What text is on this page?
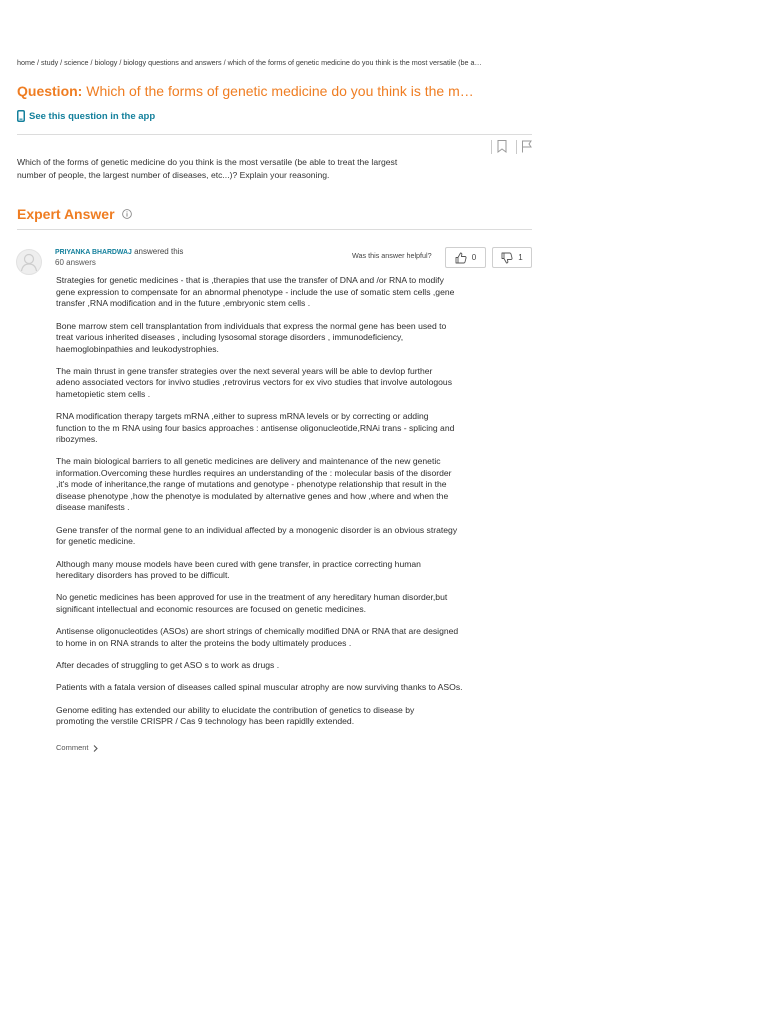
home / study / science / biology / biology questions and answers / which of the forms of genetic medicine do you think is the most versatile (be a…
Question: Which of the forms of genetic medicine do you think is the m…
See this question in the app
Which of the forms of genetic medicine do you think is the most versatile (be able to treat the largest
number of people, the largest number of diseases, etc...)? Explain your reasoning.
Expert Answer
PRIYANKA BHARDWAJ answered this
60 answers
Was this answer helpful?	0	1

Strategies for genetic medicines - that is ,therapies that use the transfer of DNA and /or RNA to modify
gene expression to compensate for an abnormal phenotype - include the use of somatic stem cells ,gene
transfer ,RNA modification and in the future ,embryonic stem cells .

Bone marrow stem cell transplantation from individuals that express the normal gene has been used to
treat various inherited diseases , including lysosomal storage disorders , immunodeficiency,
haemoglobinpathies and leukodystrophies.

The main thrust in gene transfer strategies over the next several years will be able to devlop further
adeno associated vectors for invivo studies ,retrovirus vectors for ex vivo studies that involve autologous
hametopietic stem cells .

RNA modification therapy targets mRNA ,either to supress mRNA levels or by correcting or adding
function to the m RNA using four basics approaches : antisense oligonucleotide,RNAi trans - splicing and
ribozymes.

The main biological barriers to all genetic medicines are delivery and maintenance of the new genetic
information.Overcoming these hurdles requires an understanding of the : molecular basis of the disorder
,it's mode of inheritance,the range of mutations and genotype - phenotype relationship that result in the
disease phenotype ,how the phenotye is modulated by alternative genes and how ,where and when the
disease manifests .

Gene transfer of the normal gene to an individual affected by a monogenic disorder is an obvious strategy
for genetic medicine.

Although many mouse models have been cured with gene transfer, in practice correcting human
hereditary disorders has proved to be difficult.

No genetic medicines has been approved for use in the treatment of any hereditary human disorder,but
significant intellectual and economic resources are focused on genetic medicines.

Antisense oligonucleotides (ASOs) are short strings of chemically modified DNA or RNA that are designed
to home in on RNA strands to alter the proteins the body ultimately produces .

After decades of struggling to get ASO s to work as drugs .

Patients with a fatala version of diseases called spinal muscular atrophy are now surviving thanks to ASOs.

Genome editing has extended our ability to elucidate the contribution of genetics to disease by
promoting the verstile CRISPR / Cas 9 technology has been rapidlly extended.

Comment
